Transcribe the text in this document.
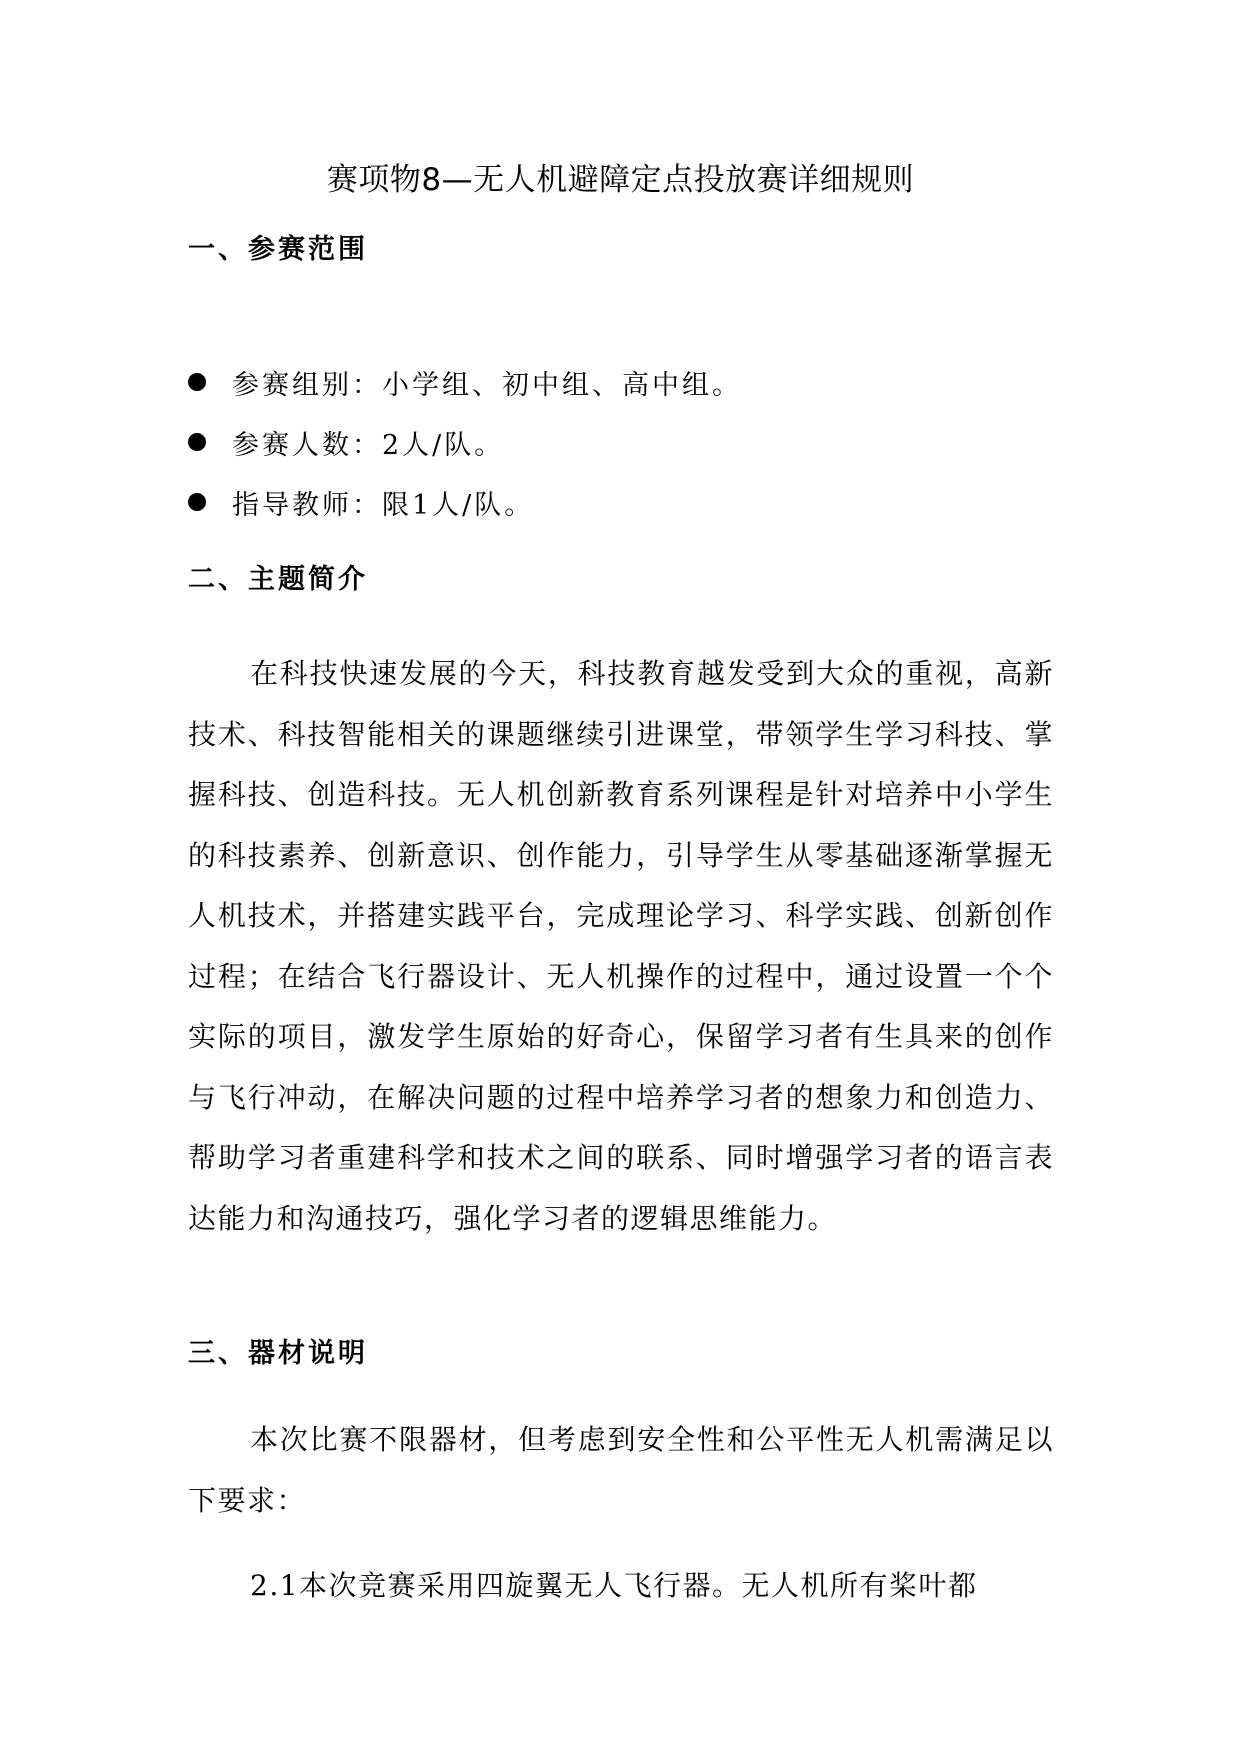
赛项物8—无人机避障定点投放赛详细规则
一、参赛范围
参赛组别：小学组、初中组、高中组。
参赛人数：2人/队。
指导教师：限1人/队。
二、主题简介

在科技快速发展的今天，科技教育越发受到大众的重视，高新技术、科技智能相关的课题继续引进课堂，带领学生学习科技、掌握科技、创造科技。无人机创新教育系列课程是针对培养中小学生的科技素养、创新意识、创作能力，引导学生从零基础逐渐掌握无人机技术，并搭建实践平台，完成理论学习、科学实践、创新创作过程；在结合飞行器设计、无人机操作的过程中，通过设置一个个实际的项目，激发学生原始的好奇心，保留学习者有生具来的创作与飞行冲动，在解决问题的过程中培养学习者的想象力和创造力、帮助学习者重建科学和技术之间的联系、同时增强学习者的语言表达能力和沟通技巧，强化学习者的逻辑思维能力。

三、器材说明

本次比赛不限器材，但考虑到安全性和公平性无人机需满足以下要求：

2.1本次竞赛采用四旋翼无人飞行器。无人机所有桨叶都
